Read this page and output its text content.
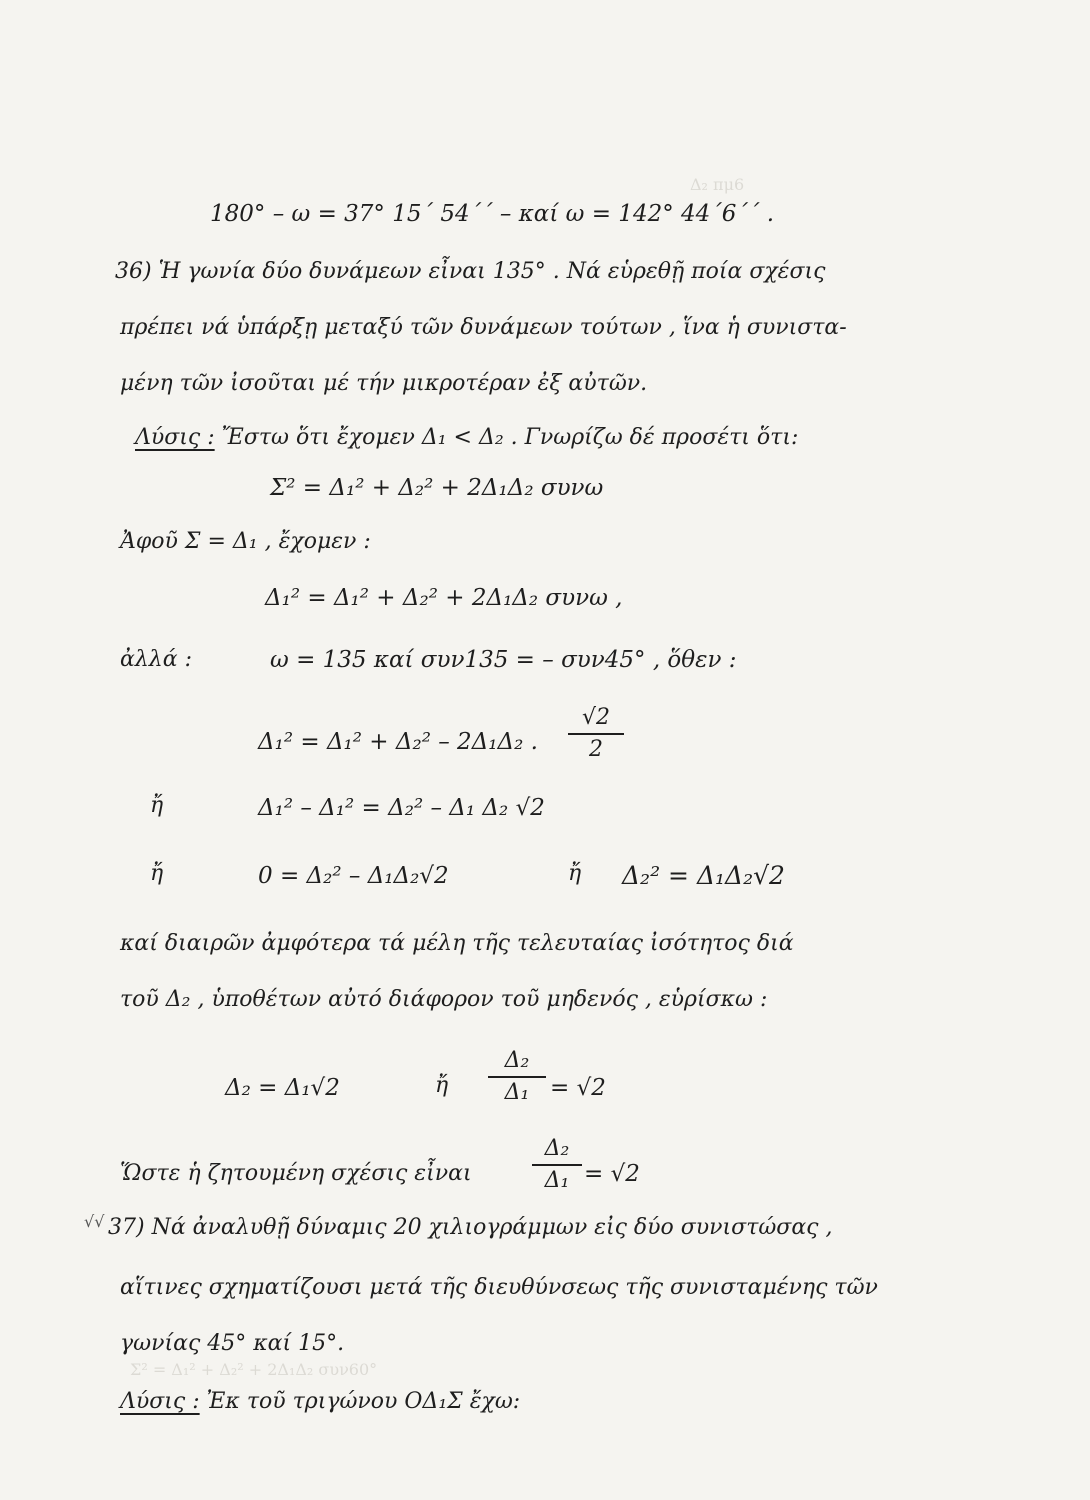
Δ₂ πμ6
Σ² = Δ₁² + Δ₂² + 2Δ₁Δ₂ συν60°
180° – ω = 37° 15΄ 54΄΄ – καί ω = 142° 44΄6΄΄ .
36) Ἡ γωνία δύο δυνάμεων εἶναι 135° . Νά εὑρεθῇ ποία σχέσις
πρέπει νά ὑπάρξῃ μεταξύ τῶν δυνάμεων τούτων , ἵνα ἡ συνιστα-
μένη τῶν ἰσοῦται μέ τήν μικροτέραν ἐξ αὐτῶν.
Λύσις : Ἔστω ὅτι ἔχομεν Δ₁ < Δ₂ . Γνωρίζω δέ προσέτι ὅτι:
Σ² = Δ₁² + Δ₂² + 2Δ₁Δ₂ συνω
Ἀφοῦ Σ = Δ₁ , ἔχομεν :
Δ₁² = Δ₁² + Δ₂² + 2Δ₁Δ₂ συνω ,
ἀλλά :	ω = 135 καί συν135 = – συν45° , ὅθεν :
Δ₁² = Δ₁² + Δ₂² – 2Δ₁Δ₂ .
√2
2
ἤ	Δ₁² – Δ₁² = Δ₂² – Δ₁ Δ₂ √2
ἤ	0 = Δ₂² – Δ₁Δ₂√2	ἤ Δ₂² = Δ₁Δ₂√2
καί διαιρῶν ἀμφότερα τά μέλη τῆς τελευταίας ἰσότητος διά
τοῦ Δ₂ , ὑποθέτων αὐτό διάφορον τοῦ μηδενός , εὑρίσκω :
Δ₂ = Δ₁√2	ἤ
Δ₂
Δ₁ = √2
Ὥστε ἡ ζητουμένη σχέσις εἶναι
Δ₂
Δ₁ = √2
√√ 37) Νά ἀναλυθῇ δύναμις 20 χιλιογράμμων εἰς δύο συνιστώσας ,
αἵτινες σχηματίζουσι μετά τῆς διευθύνσεως τῆς συνισταμένης τῶν
γωνίας 45° καί 15°.
Λύσις : Ἐκ τοῦ τριγώνου ΟΔ₁Σ ἔχω:
